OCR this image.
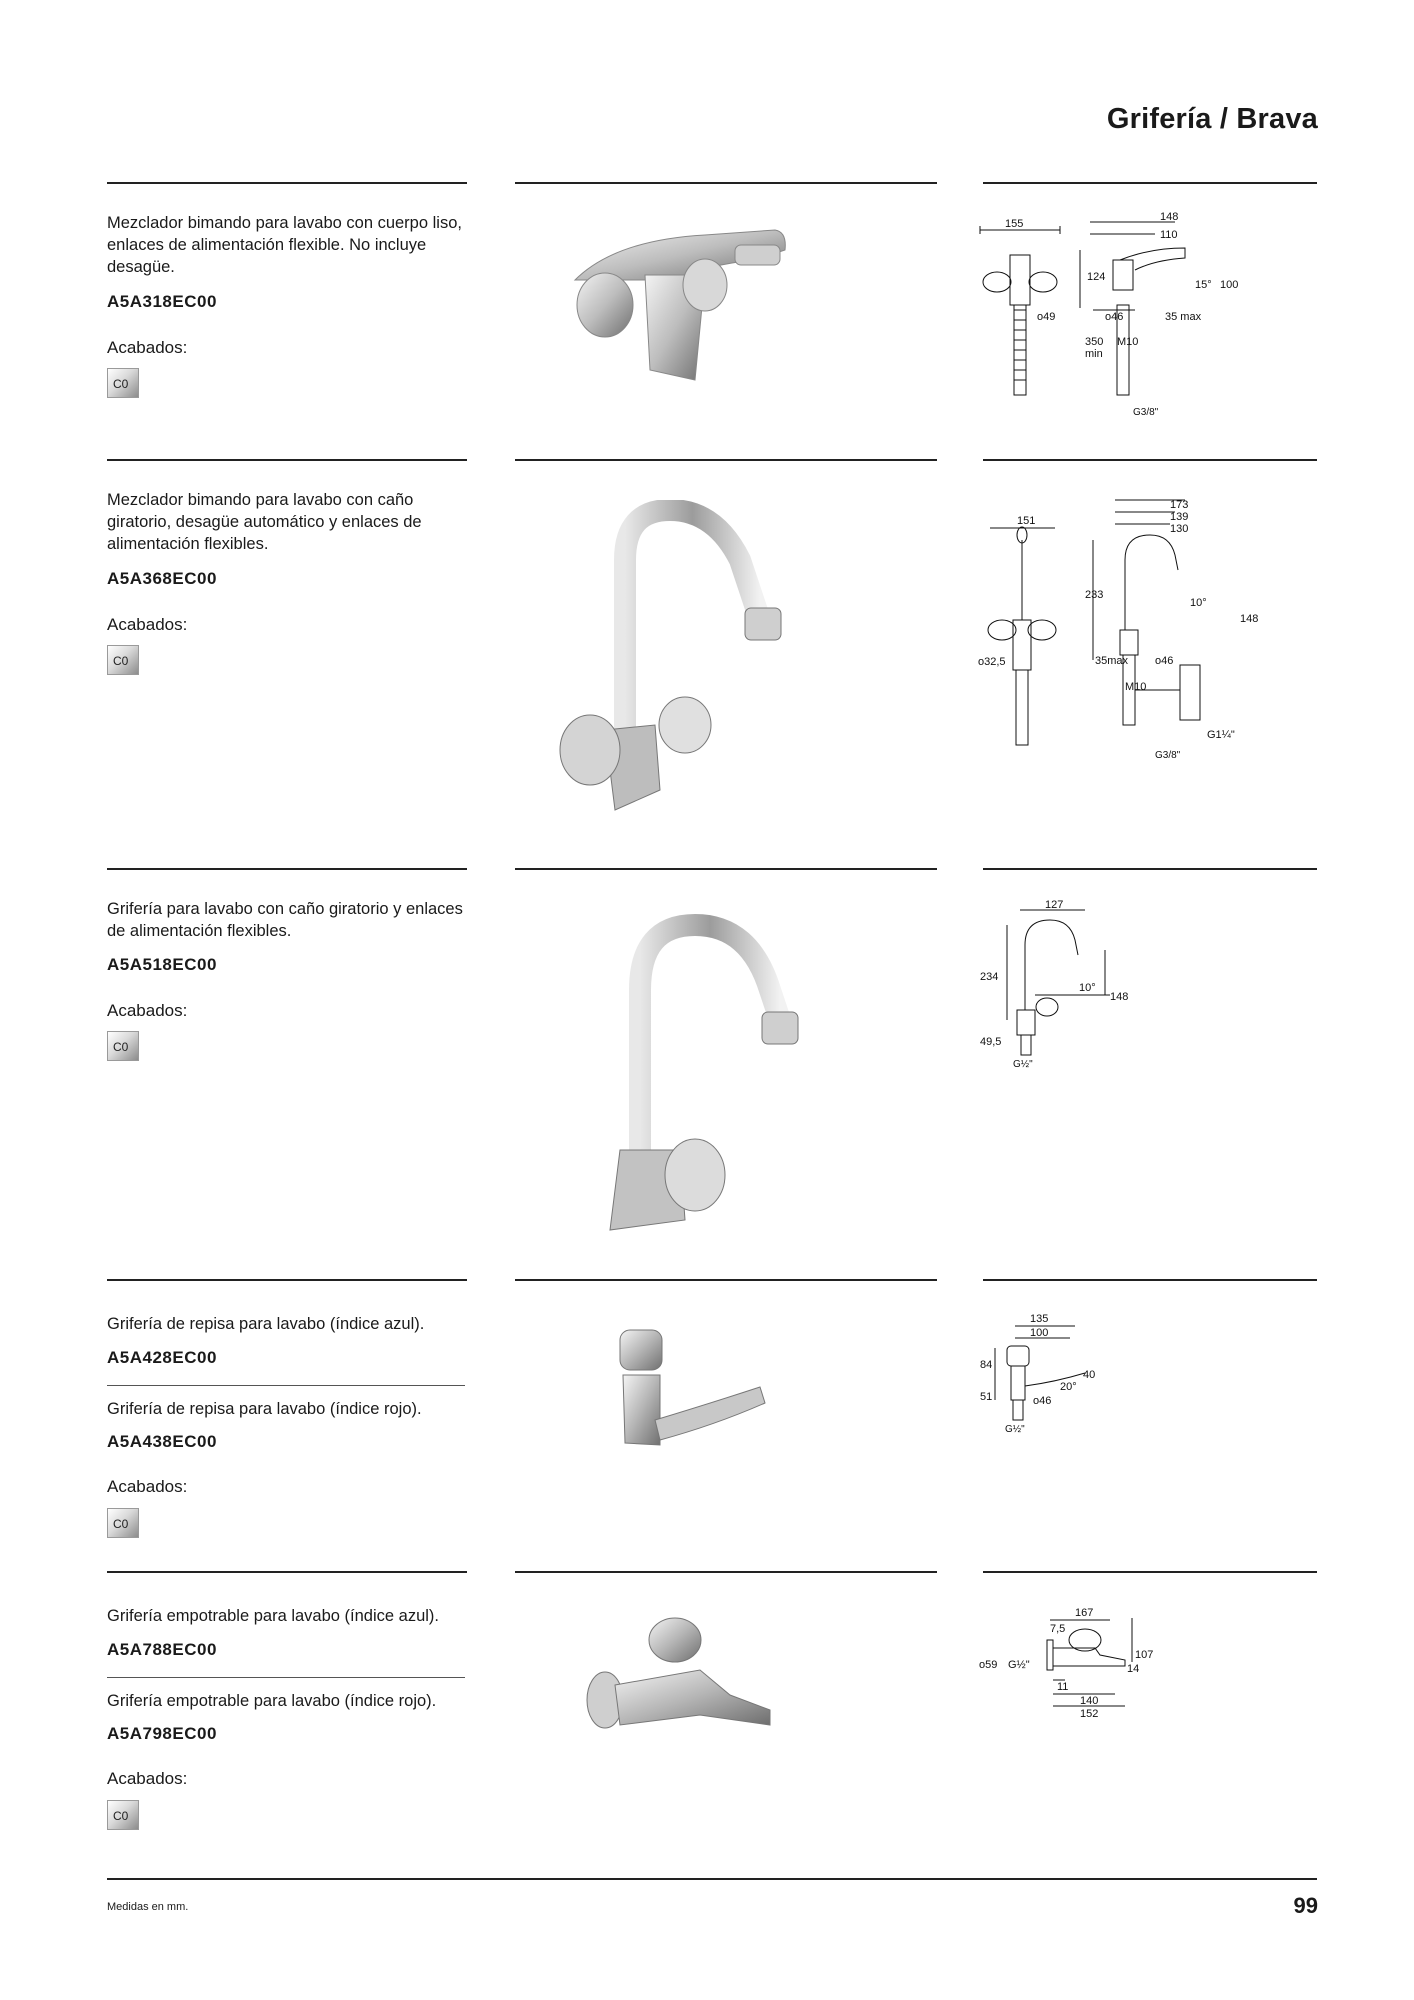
Grifería / Brava
Mezclador bimando para lavabo con cuerpo liso, enlaces de alimentación flexible. No incluye desagüe.
A5A318EC00
Acabados:
C0
155
148
110
124
15° 100
o49	o46	35 max
350
min
M10
G3/8"
Mezclador bimando para lavabo con caño giratorio, desagüe automático y enlaces de alimentación flexibles.
A5A368EC00
Acabados:
C0
173
139
130
151
233
10°
148
o32,5	35max o46
M10
G1¼"
G3/8"
Grifería para lavabo con caño giratorio y enlaces de alimentación flexibles.
A5A518EC00
Acabados:
C0
127
234
10°
148
49,5
G½"
Grifería de repisa para lavabo (índice azul).
A5A428EC00
Grifería de repisa para lavabo (índice rojo).
A5A438EC00
Acabados:
C0
135
100
84
40
20°
51	o46
G½"
Grifería empotrable para lavabo (índice azul).
A5A788EC00
Grifería empotrable para lavabo (índice rojo).
A5A798EC00
Acabados:
C0
167
7,5
107
o59 G½"	14
11
140
152
Medidas en mm.	99
